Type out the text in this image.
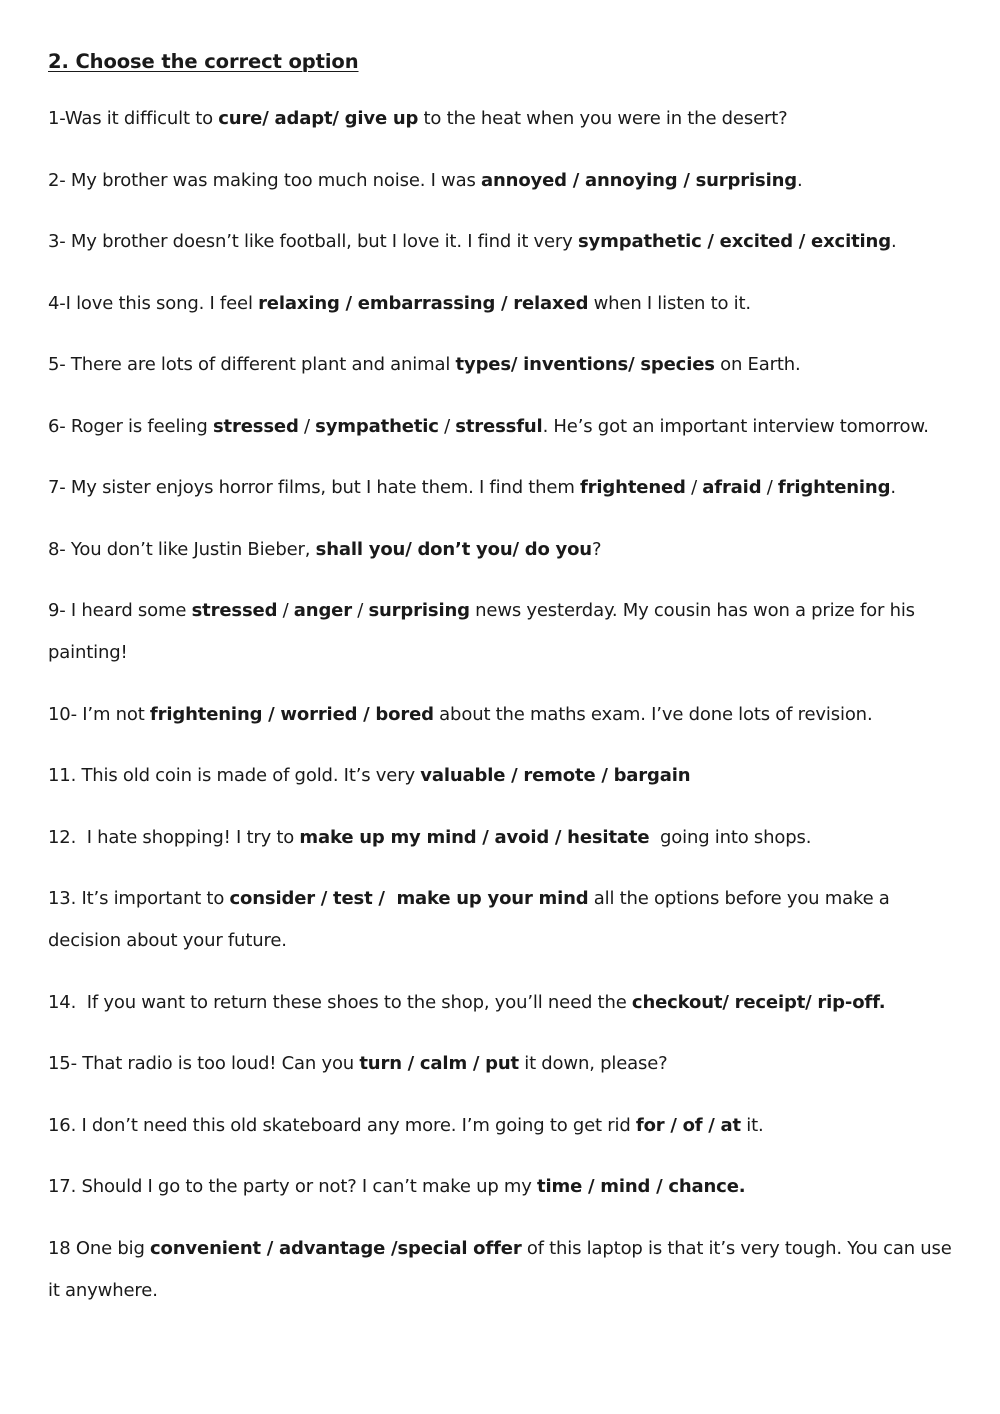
2. Choose the correct option

1-Was it difficult to cure/ adapt/ give up to the heat when you were in the desert?

2- My brother was making too much noise. I was annoyed / annoying / surprising.

3- My brother doesn’t like football, but I love it. I find it very sympathetic / excited / exciting.

4-I love this song. I feel relaxing / embarrassing / relaxed when I listen to it.

5- There are lots of different plant and animal types/ inventions/ species on Earth.

6- Roger is feeling stressed / sympathetic / stressful. He’s got an important interview tomorrow.

7- My sister enjoys horror films, but I hate them. I find them frightened / afraid / frightening.

8- You don’t like Justin Bieber, shall you/ don’t you/ do you?

9- I heard some stressed / anger / surprising news yesterday. My cousin has won a prize for his painting!

10- I’m not frightening / worried / bored about the maths exam. I’ve done lots of revision.

11. This old coin is made of gold. It’s very valuable / remote / bargain

12.  I hate shopping! I try to make up my mind / avoid / hesitate  going into shops.

13. It’s important to consider / test /  make up your mind all the options before you make a decision about your future.

14.  If you want to return these shoes to the shop, you’ll need the checkout/ receipt/ rip-off.

15- That radio is too loud! Can you turn / calm / put it down, please?

16. I don’t need this old skateboard any more. I’m going to get rid for / of / at it.

17. Should I go to the party or not? I can’t make up my time / mind / chance.

18 One big convenient / advantage /special offer of this laptop is that it’s very tough. You can use it anywhere.
